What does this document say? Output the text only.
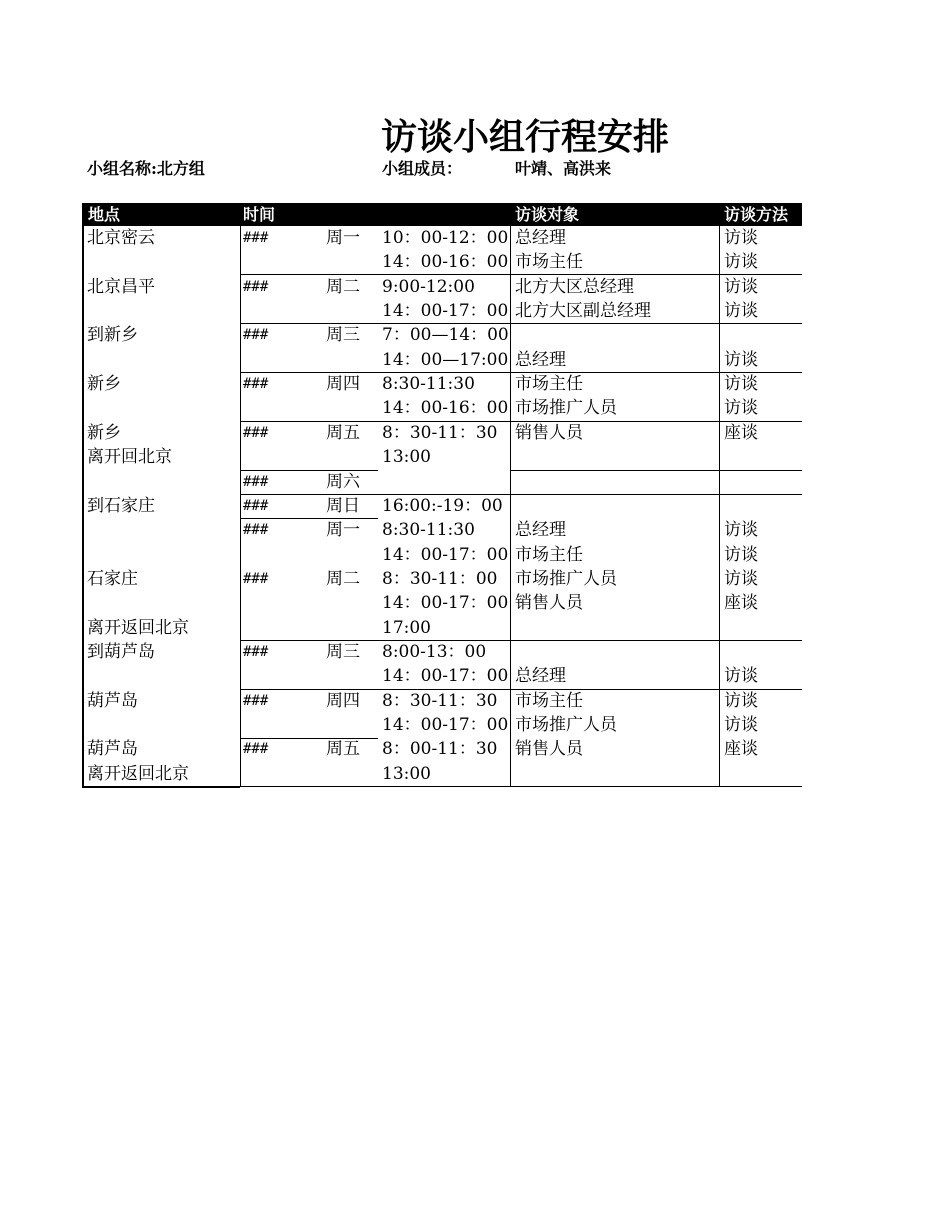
访谈小组行程安排
小组名称:北方组	小组成员：	叶靖、高洪来
地点	时间	访谈对象	访谈方法
北京密云	###	周一 10：00-12：00 总经理	访谈
14：00-16：00 市场主任	访谈
北京昌平	###	周二 9:00-12:00 北方大区总经理	访谈
14：00-17：00 北方大区副总经理	访谈
到新乡	###	周三 7：00—14：00
14：00—17:00 总经理	访谈
新乡	###	周四 8:30-11:30 市场主任	访谈
14：00-16：00 市场推广人员	访谈
新乡	###	周五 8：30-11：30 销售人员	座谈
离开回北京	13:00
###	周六
到石家庄	###	周日 16:00:-19：00
###	周一 8:30-11:30 总经理	访谈
14：00-17：00 市场主任	访谈
石家庄	###	周二 8：30-11：00 市场推广人员	访谈
14：00-17：00 销售人员	座谈
离开返回北京	17:00
到葫芦岛	###	周三 8:00-13：00
14：00-17：00 总经理	访谈
葫芦岛	###	周四 8：30-11：30 市场主任	访谈
14：00-17：00 市场推广人员	访谈
葫芦岛	###	周五 8：00-11：30 销售人员	座谈
离开返回北京	13:00
